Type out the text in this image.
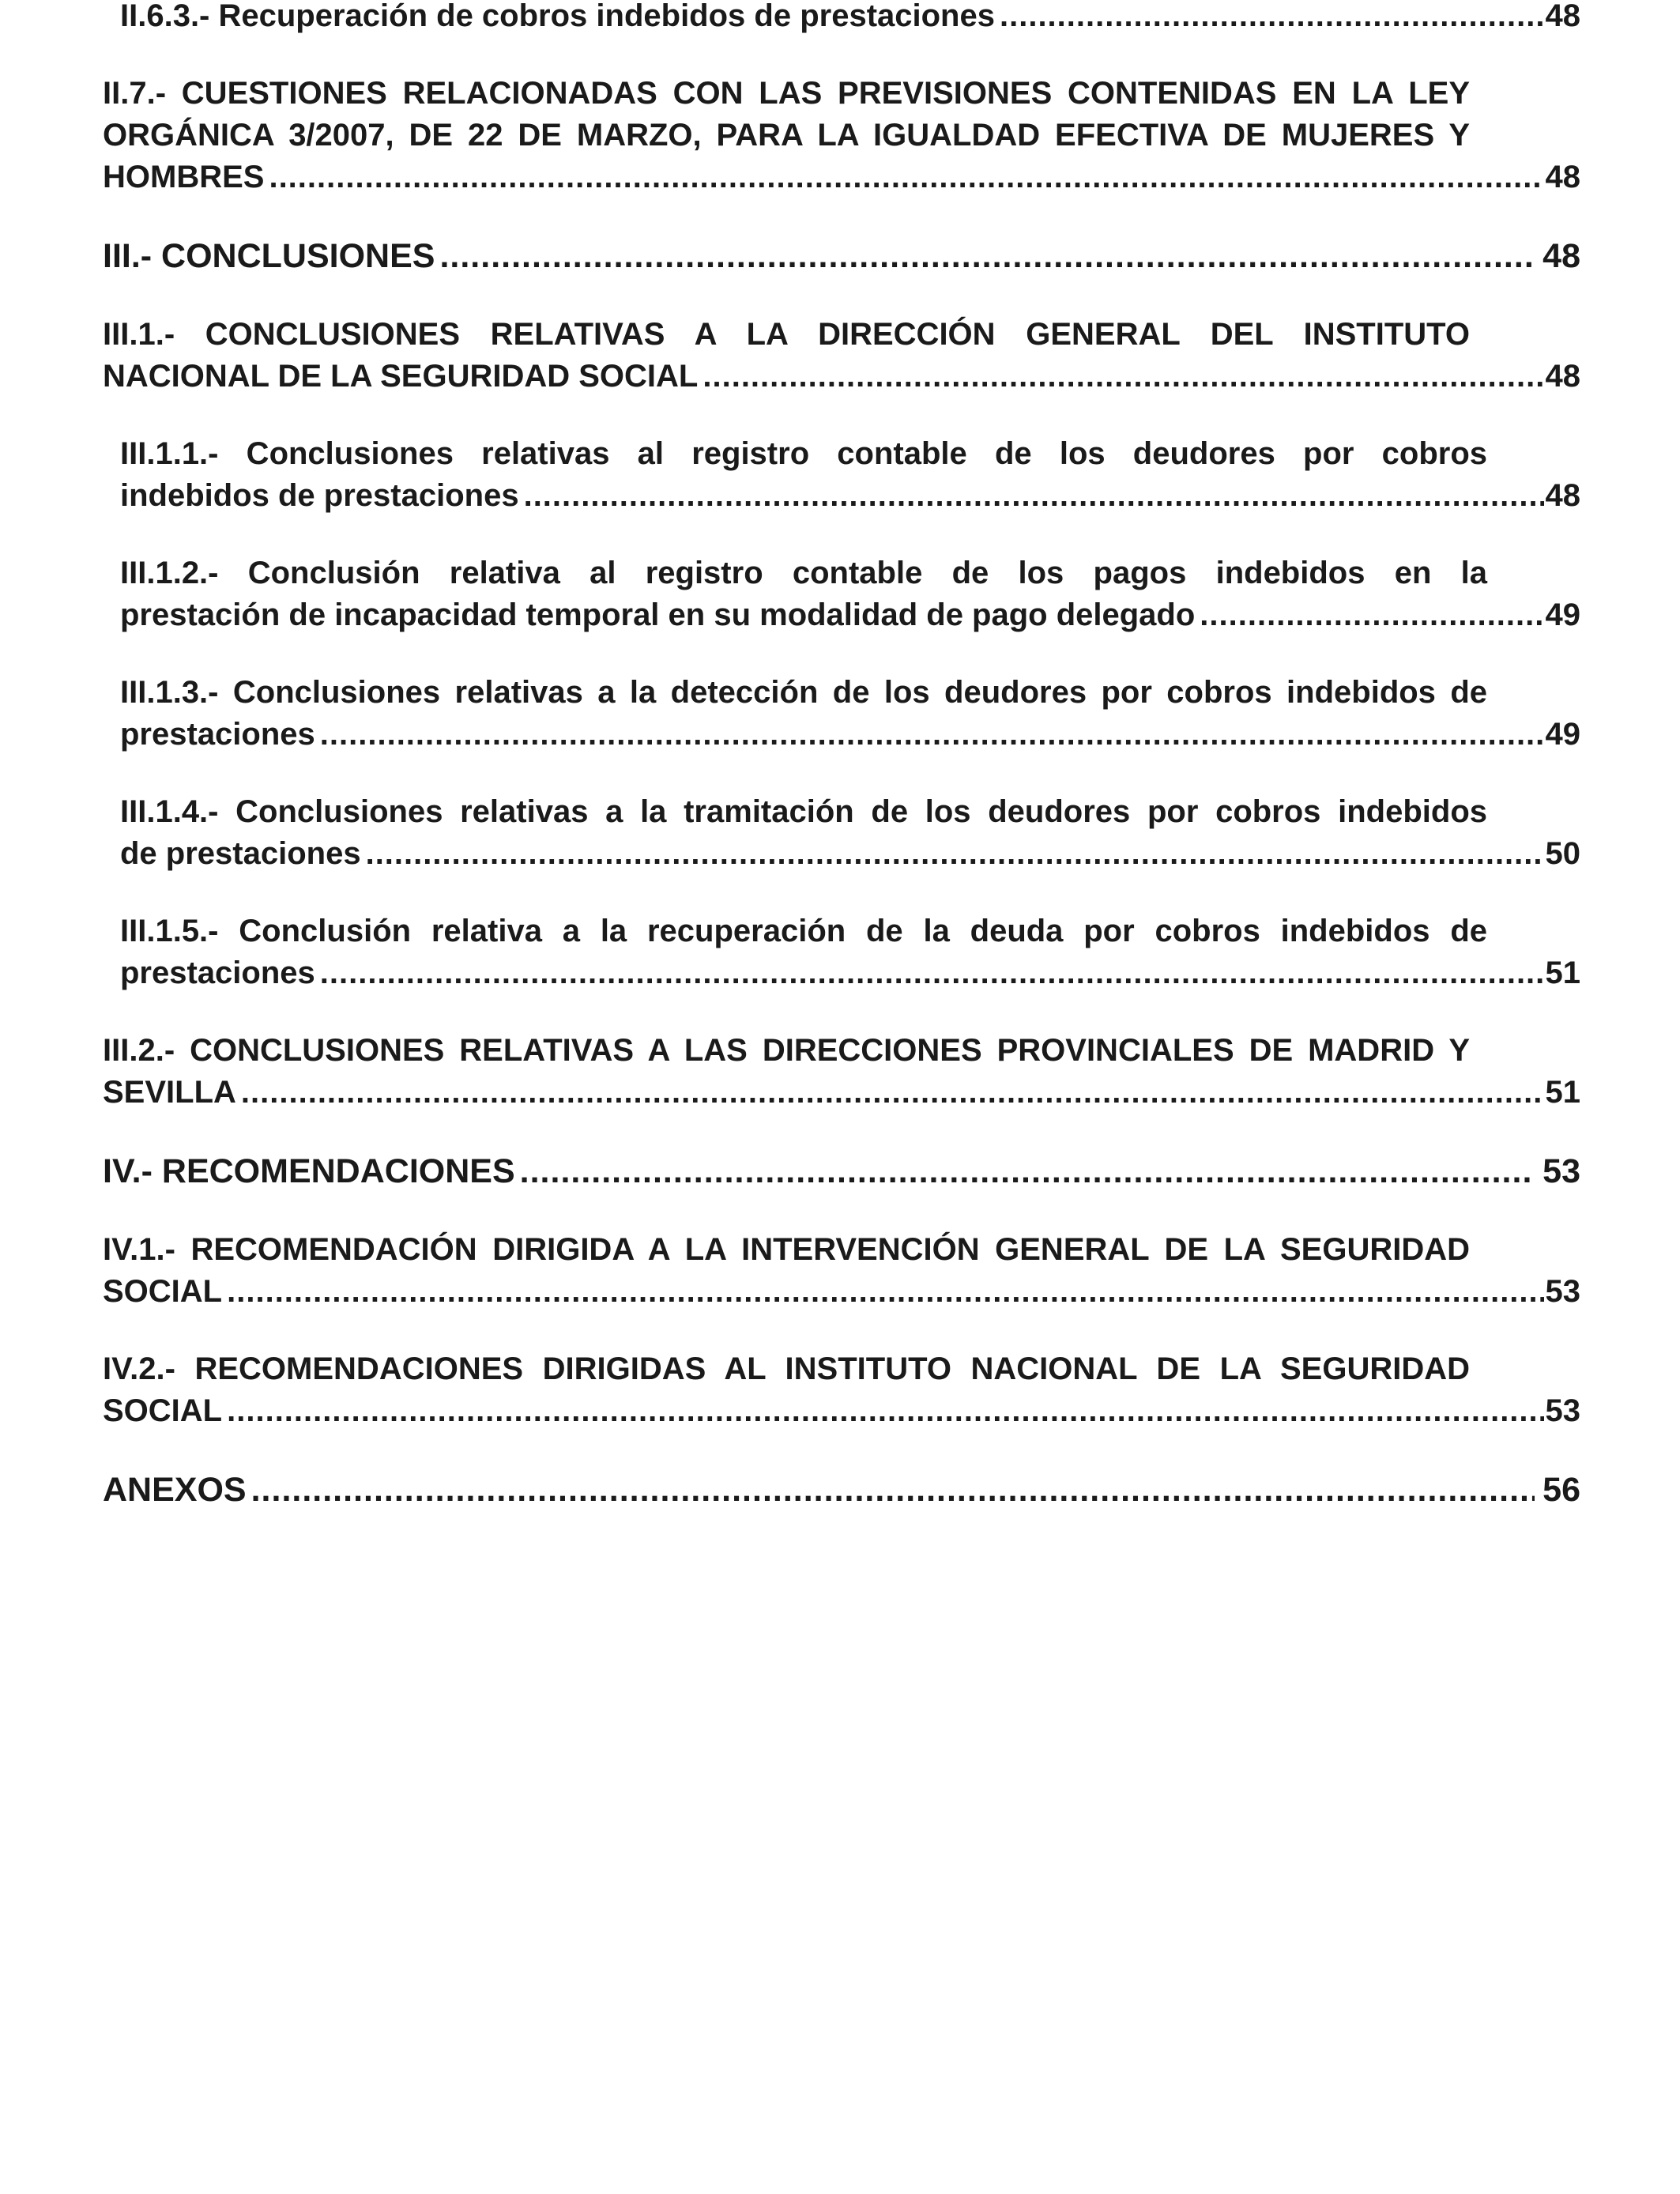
II.6.3.- Recuperación de cobros indebidos de prestaciones .....	48
II.7.- CUESTIONES RELACIONADAS CON LAS PREVISIONES CONTENIDAS EN LA LEY
ORGÁNICA 3/2007, DE 22 DE MARZO, PARA LA IGUALDAD EFECTIVA DE MUJERES Y
HOMBRES .....	48
III.- CONCLUSIONES .....	48
III.1.- CONCLUSIONES RELATIVAS A LA DIRECCIÓN GENERAL DEL INSTITUTO
NACIONAL DE LA SEGURIDAD SOCIAL .....	48
III.1.1.- Conclusiones relativas al registro contable de los deudores por cobros
indebidos de prestaciones .....	48
III.1.2.- Conclusión relativa al registro contable de los pagos indebidos en la
prestación de incapacidad temporal en su modalidad de pago delegado .....	49
III.1.3.- Conclusiones relativas a la detección de los deudores por cobros indebidos de
prestaciones .....	49
III.1.4.- Conclusiones relativas a la tramitación de los deudores por cobros indebidos
de prestaciones .....	50
III.1.5.- Conclusión relativa a la recuperación de la deuda por cobros indebidos de
prestaciones .....	51
III.2.- CONCLUSIONES RELATIVAS A LAS DIRECCIONES PROVINCIALES DE MADRID Y
SEVILLA .....	51
IV.- RECOMENDACIONES .....	53
IV.1.- RECOMENDACIÓN DIRIGIDA A LA INTERVENCIÓN GENERAL DE LA SEGURIDAD
SOCIAL .....	53
IV.2.- RECOMENDACIONES DIRIGIDAS AL INSTITUTO NACIONAL DE LA SEGURIDAD
SOCIAL .....	53
ANEXOS .....	56
